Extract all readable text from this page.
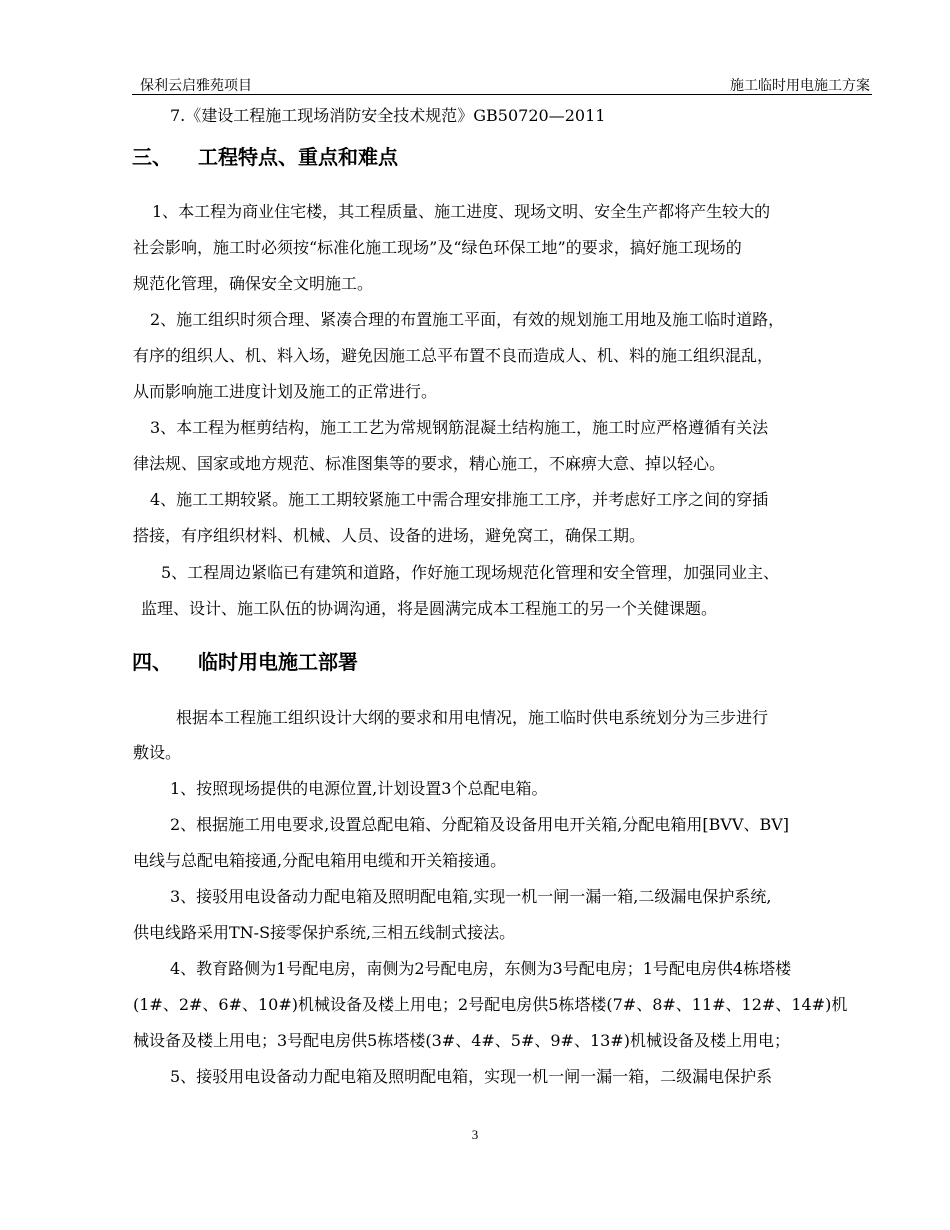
保利云启雅苑项目	施工临时用电施工方案
7.《建设工程施工现场消防安全技术规范》GB50720—2011
三、 工程特点、重点和难点
1、本工程为商业住宅楼，其工程质量、施工进度、现场文明、安全生产都将产生较大的
社会影响，施工时必须按“标准化施工现场”及“绿色环保工地”的要求，搞好施工现场的
规范化管理，确保安全文明施工。
2、施工组织时须合理、紧凑合理的布置施工平面，有效的规划施工用地及施工临时道路，
有序的组织人、机、料入场，避免因施工总平布置不良而造成人、机、料的施工组织混乱，
从而影响施工进度计划及施工的正常进行。
3、本工程为框剪结构，施工工艺为常规钢筋混凝土结构施工，施工时应严格遵循有关法
律法规、国家或地方规范、标准图集等的要求，精心施工，不麻痹大意、掉以轻心。
4、施工工期较紧。施工工期较紧施工中需合理安排施工工序，并考虑好工序之间的穿插
搭接，有序组织材料、机械、人员、设备的进场，避免窝工，确保工期。
5、工程周边紧临已有建筑和道路，作好施工现场规范化管理和安全管理，加强同业主、
监理、设计、施工队伍的协调沟通，将是圆满完成本工程施工的另一个关健课题。
四、 临时用电施工部署
根据本工程施工组织设计大纲的要求和用电情况，施工临时供电系统划分为三步进行
敷设。
1、按照现场提供的电源位置,计划设置3个总配电箱。
2、根据施工用电要求,设置总配电箱、分配箱及设备用电开关箱,分配电箱用[BVV、BV]
电线与总配电箱接通,分配电箱用电缆和开关箱接通。
3、接驳用电设备动力配电箱及照明配电箱,实现一机一闸一漏一箱,二级漏电保护系统,
供电线路采用TN-S接零保护系统,三相五线制式接法。
4、教育路侧为1号配电房，南侧为2号配电房，东侧为3号配电房；1号配电房供4栋塔楼
(1#、2#、6#、10#)机械设备及楼上用电；2号配电房供5栋塔楼(7#、8#、11#、12#、14#)机
械设备及楼上用电；3号配电房供5栋塔楼(3#、4#、5#、9#、13#)机械设备及楼上用电；
5、接驳用电设备动力配电箱及照明配电箱，实现一机一闸一漏一箱，二级漏电保护系
3
